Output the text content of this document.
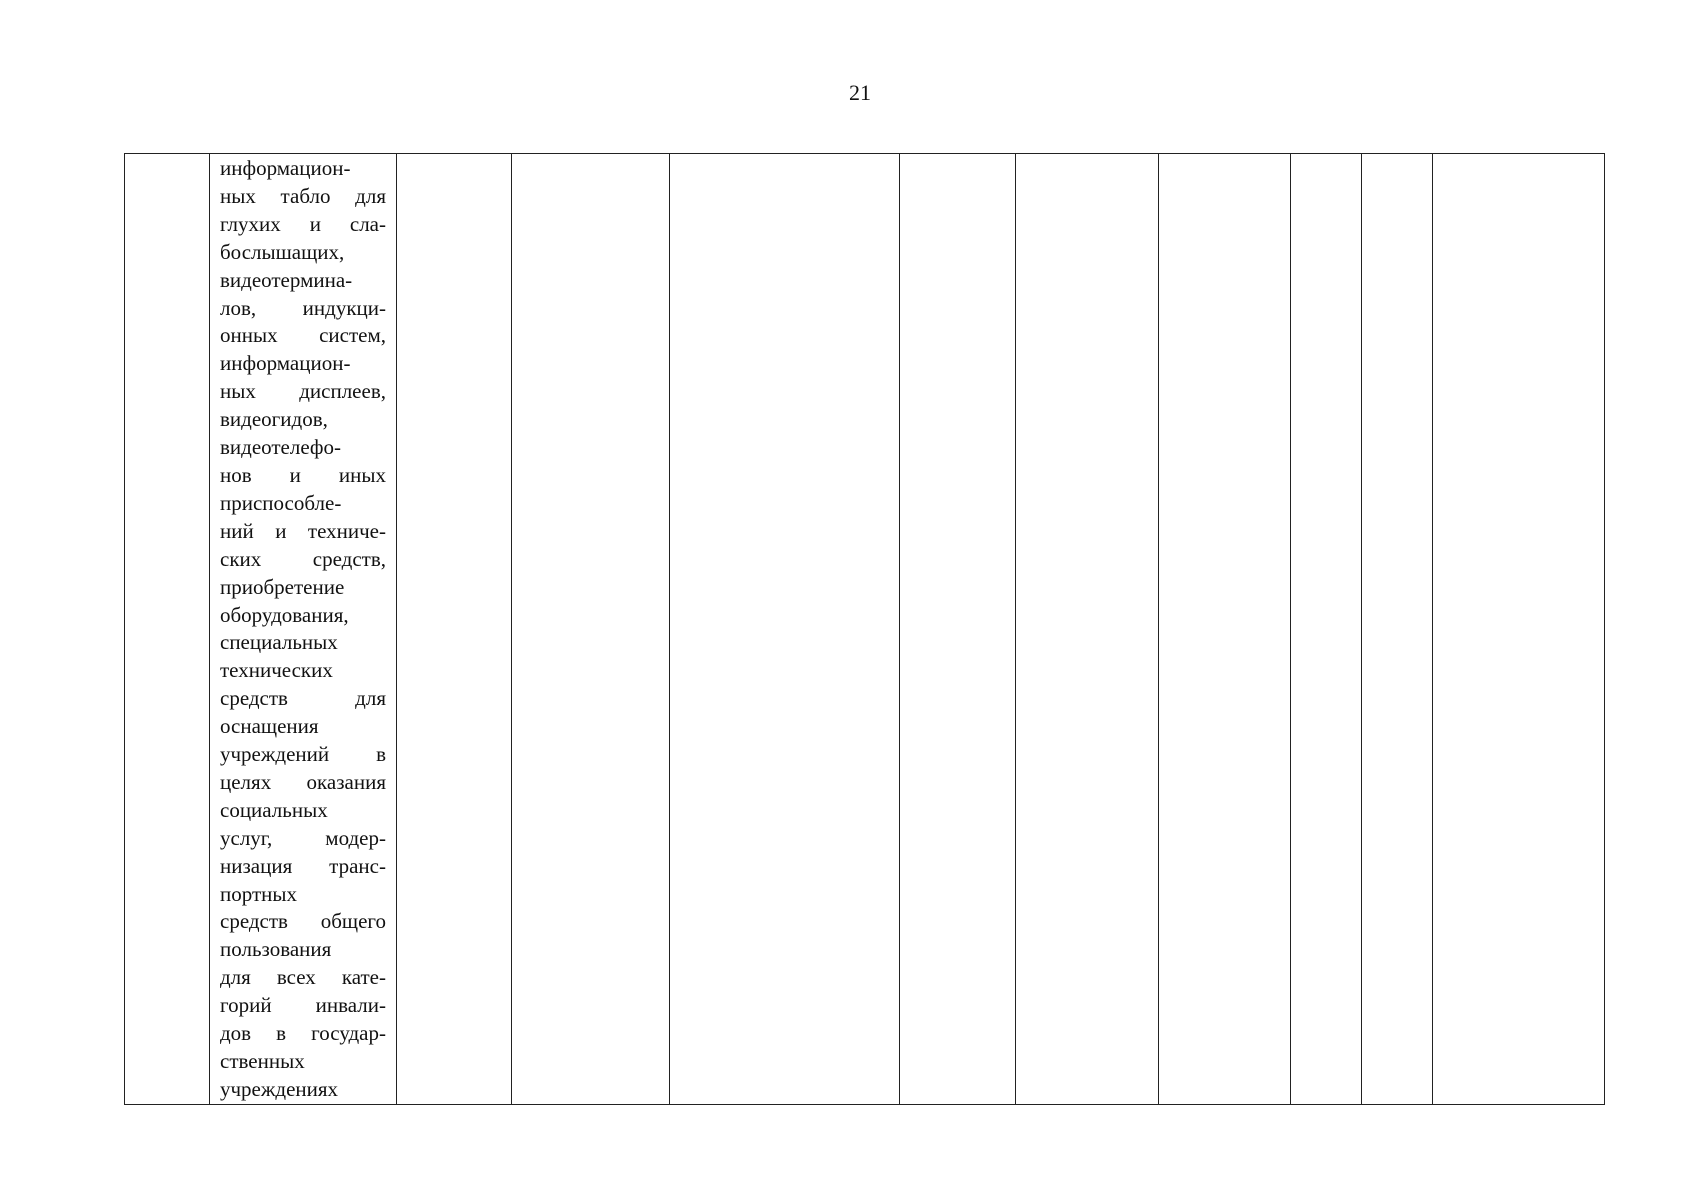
21

информацион-
ных табло для
глухих и сла-
бослышащих,
видеотермина-
лов, индукци-
онных систем,
информацион-
ных дисплеев,
видеогидов,
видеотелефо-
нов и иных
приспособле-
ний и техниче-
ских средств,
приобретение
оборудования,
специальных
технических
средств для
оснащения
учреждений в
целях оказания
социальных
услуг, модер-
низация транс-
портных
средств общего
пользования
для всех кате-
горий инвали-
дов в государ-
ственных
учреждениях
